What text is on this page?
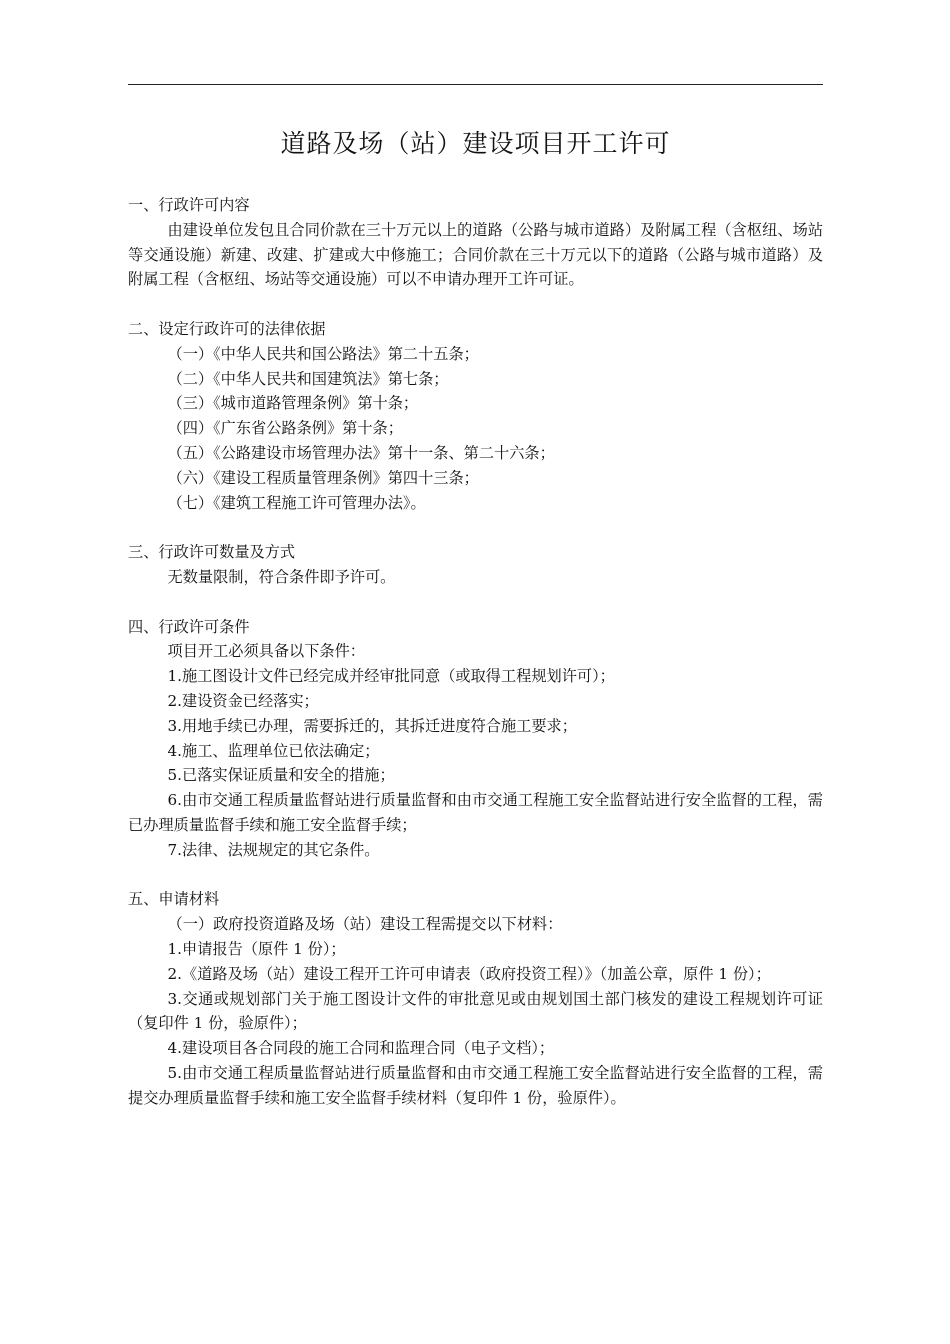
道路及场（站）建设项目开工许可

一、行政许可内容

由建设单位发包且合同价款在三十万元以上的道路（公路与城市道路）及附属工程（含枢纽、场站等交通设施）新建、改建、扩建或大中修施工；合同价款在三十万元以下的道路（公路与城市道路）及附属工程（含枢纽、场站等交通设施）可以不申请办理开工许可证。

二、设定行政许可的法律依据

（一）《中华人民共和国公路法》第二十五条；

（二）《中华人民共和国建筑法》第七条；

（三）《城市道路管理条例》第十条；

（四）《广东省公路条例》第十条；

（五）《公路建设市场管理办法》第十一条、第二十六条；

（六）《建设工程质量管理条例》第四十三条；

（七）《建筑工程施工许可管理办法》。

三、行政许可数量及方式

无数量限制，符合条件即予许可。

四、行政许可条件

项目开工必须具备以下条件：

1.施工图设计文件已经完成并经审批同意（或取得工程规划许可）；

2.建设资金已经落实；

3.用地手续已办理，需要拆迁的，其拆迁进度符合施工要求；

4.施工、监理单位已依法确定；

5.已落实保证质量和安全的措施；

6.由市交通工程质量监督站进行质量监督和由市交通工程施工安全监督站进行安全监督的工程，需已办理质量监督手续和施工安全监督手续；

7.法律、法规规定的其它条件。

五、申请材料

（一）政府投资道路及场（站）建设工程需提交以下材料：

1.申请报告（原件 1 份）；

2.《道路及场（站）建设工程开工许可申请表（政府投资工程）》（加盖公章，原件 1 份）；

3.交通或规划部门关于施工图设计文件的审批意见或由规划国土部门核发的建设工程规划许可证（复印件 1 份，验原件）；

4.建设项目各合同段的施工合同和监理合同（电子文档）；

5.由市交通工程质量监督站进行质量监督和由市交通工程施工安全监督站进行安全监督的工程，需提交办理质量监督手续和施工安全监督手续材料（复印件 1 份，验原件）。
